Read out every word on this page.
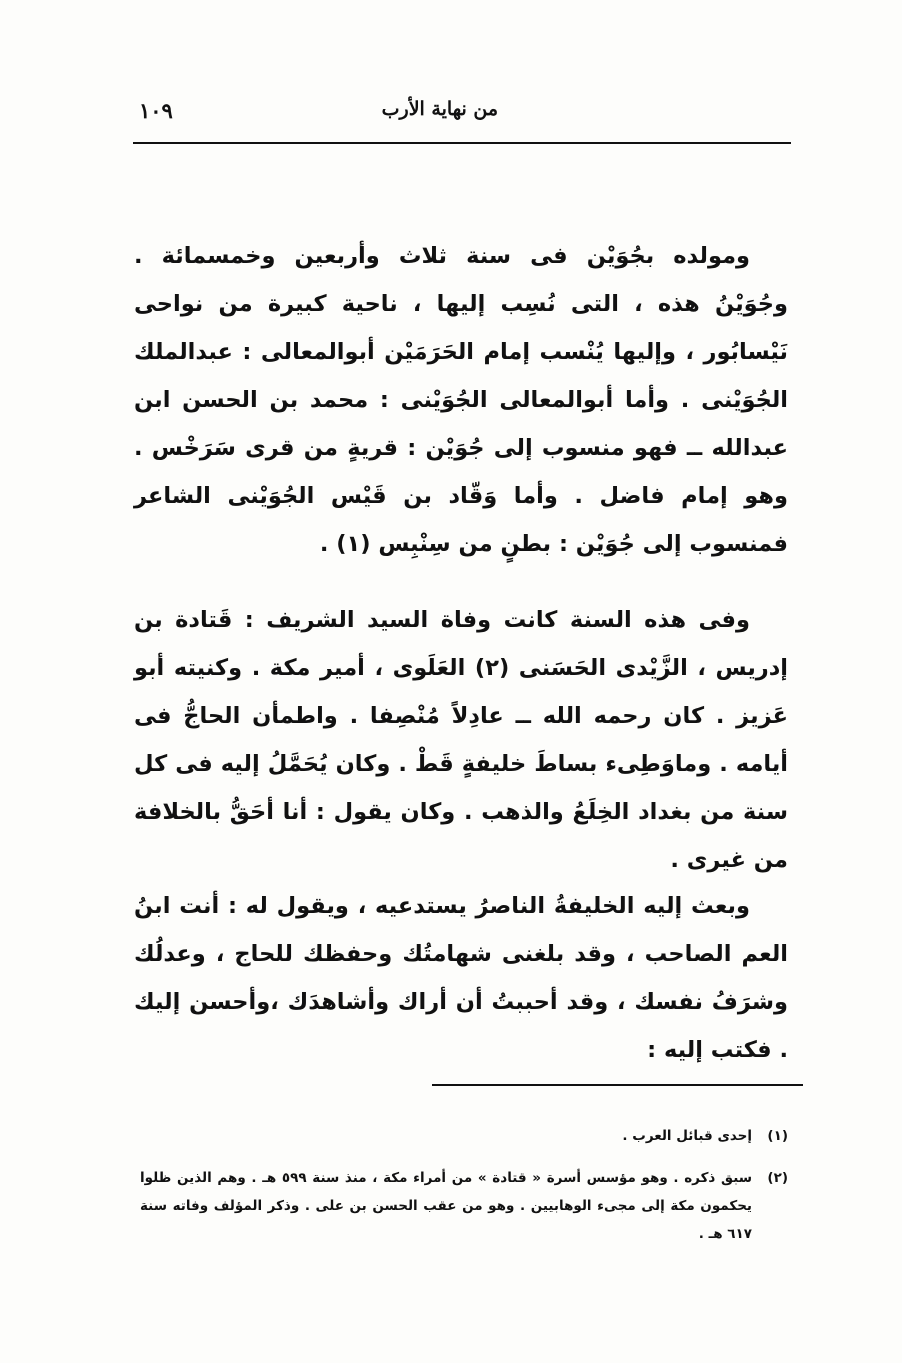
من نهاية الأرب
١٠٩

ومولده بجُوَيْن فى سنة ثلاث وأربعين وخمسمائة . وجُوَيْنُ هذه ، التى نُسِب إليها ، ناحية كبيرة من نواحى نَيْسابُور ، وإليها يُنْسب إمام الحَرَمَيْن أبوالمعالى : عبدالملك الجُوَيْنى . وأما أبوالمعالى الجُوَيْنى : محمد بن الحسن ابن عبدالله ــ فهو منسوب إلى جُوَيْن : قريةٍ من قرى سَرَخْس . وهو إمام فاضل . وأما وَقّاد بن قَيْس الجُوَيْنى الشاعر فمنسوب إلى جُوَيْن : بطنٍ من سِنْبِس (١) .

وفى هذه السنة كانت وفاة السيد الشريف : قَتادة بن إدريس ، الزَّيْدى الحَسَنى (٢) العَلَوى ، أمير مكة . وكنيته أبو عَزيز . كان رحمه الله ــ عادِلاً مُنْصِفا . واطمأن الحاجُّ فى أيامه . وماوَطِىء بساطَ خليفةٍ قَطْ . وكان يُحَمَّلُ إليه فى كل سنة من بغداد الخِلَعُ والذهب . وكان يقول : أنا أحَقُّ بالخلافة من غيرى .

وبعث إليه الخليفةُ الناصرُ يستدعيه ، ويقول له : أنت ابنُ العم الصاحب ، وقد بلغنى شهامتُك وحفظك للحاج ، وعدلُك وشرَفُ نفسك ، وقد أحببتُ أن أراك وأشاهدَك ،وأحسن إليك . فكتب إليه :

(١)
إحدى قبائل العرب .
(٢)
سبق ذكره . وهو مؤسس أسرة « قتادة » من أمراء مكة ، منذ سنة ٥٩٩ هـ . وهم الذين ظلوا يحكمون مكة إلى مجىء الوهابيين . وهو من عقب الحسن بن على . وذكر المؤلف وفاته سنة ٦١٧ هـ .
